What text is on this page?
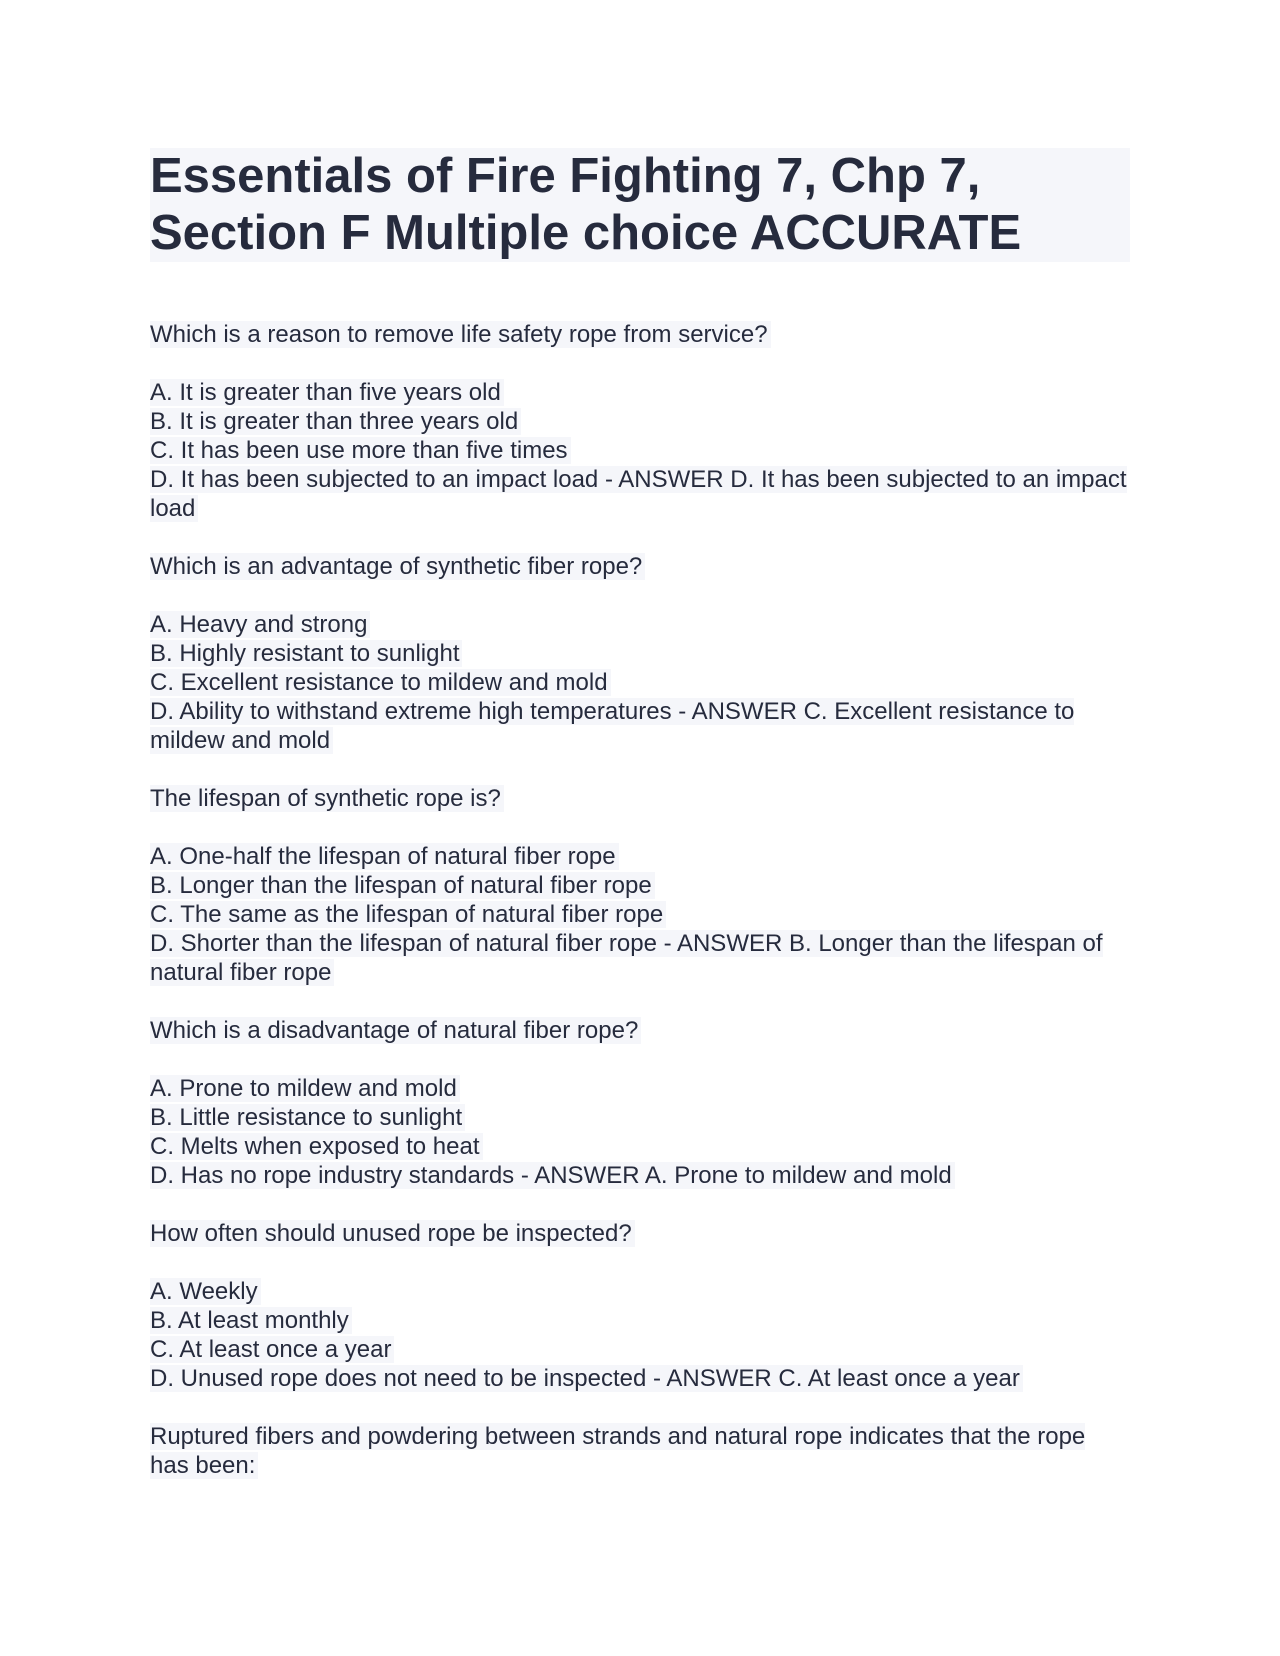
Essentials of Fire Fighting 7, Chp 7,
Section F Multiple choice ACCURATE
Which is a reason to remove life safety rope from service?
A. It is greater than five years old
B. It is greater than three years old
C. It has been use more than five times
D. It has been subjected to an impact load - ANSWER D. It has been subjected to an impact load
Which is an advantage of synthetic fiber rope?
A. Heavy and strong
B. Highly resistant to sunlight
C. Excellent resistance to mildew and mold
D. Ability to withstand extreme high temperatures - ANSWER C. Excellent resistance to mildew and mold
The lifespan of synthetic rope is?
A. One-half the lifespan of natural fiber rope
B. Longer than the lifespan of natural fiber rope
C. The same as the lifespan of natural fiber rope
D. Shorter than the lifespan of natural fiber rope - ANSWER B. Longer than the lifespan of natural fiber rope
Which is a disadvantage of natural fiber rope?
A. Prone to mildew and mold
B. Little resistance to sunlight
C. Melts when exposed to heat
D. Has no rope industry standards - ANSWER A. Prone to mildew and mold
How often should unused rope be inspected?
A. Weekly
B. At least monthly
C. At least once a year
D. Unused rope does not need to be inspected - ANSWER C. At least once a year
Ruptured fibers and powdering between strands and natural rope indicates that the rope has been:
